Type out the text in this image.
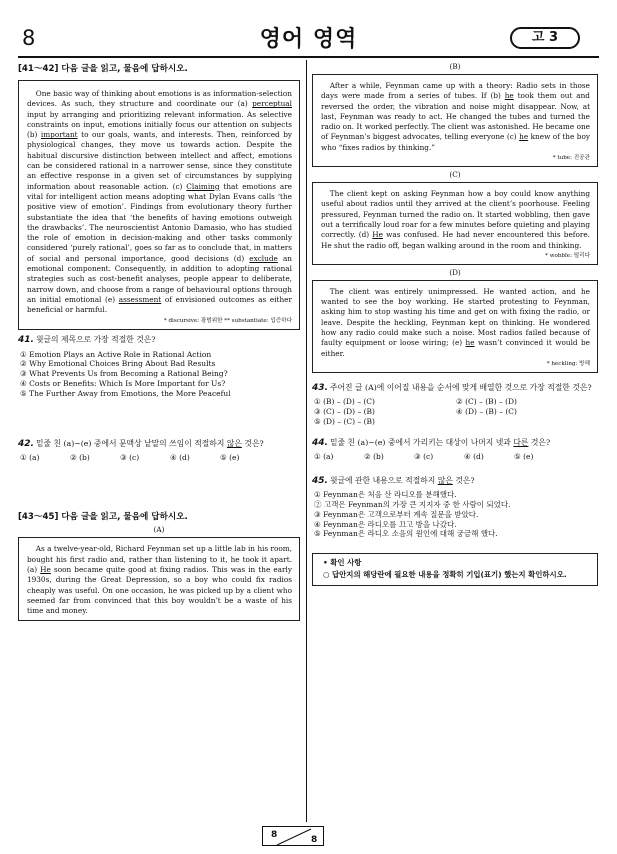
8	영어 영역	고 3
[41～42] 다음 글을 읽고, 물음에 답하시오.

One basic way of thinking about emotions is as information-selection devices. As such, they structure and coordinate our (a) perceptual input by arranging and prioritizing relevant information. As selective constraints on input, emotions initially focus our attention on subjects (b) important to our goals, wants, and interests. Then, reinforced by physiological changes, they move us towards action. Despite the habitual discursive distinction between intellect and affect, emotions can be considered rational in a narrower sense, since they constitute an effective response in a given set of circumstances by supplying information about reasonable action. (c) Claiming that emotions are vital for intelligent action means adopting what Dylan Evans calls ‘the positive view of emotion’. Findings from evolutionary theory further substantiate the idea that ‘the benefits of having emotions outweigh the drawbacks’. The neuroscientist Antonio Damasio, who has studied the role of emotion in decision-making and other tasks commonly considered ‘purely rational’, goes so far as to conclude that, in matters of social and personal importance, good decisions (d) exclude an emotional component. Consequently, in addition to adopting rational strategies such as cost-benefit analyses, people appear to deliberate, narrow down, and choose from a range of behavioural options through an initial emotional (e) assessment of envisioned outcomes as either beneficial or harmful.

* discursive: 광범위한 ** substantiate: 입증하다
41. 윗글의 제목으로 가장 적절한 것은?
① Emotion Plays an Active Role in Rational Action
② Why Emotional Choices Bring About Bad Results
③ What Prevents Us from Becoming a Rational Being?
④ Costs or Benefits: Which Is More Important for Us?
⑤ The Further Away from Emotions, the More Peaceful
42. 밑줄 친 (a)~(e) 중에서 문맥상 낱말의 쓰임이 적절하지 않은 것은?
① (a)	② (b)	③ (c)	④ (d)	⑤ (e)
[43～45] 다음 글을 읽고, 물음에 답하시오.
(A)

As a twelve-year-old, Richard Feynman set up a little lab in his room, bought his first radio and, rather than listening to it, he took it apart. (a) He soon became quite good at fixing radios. This was in the early 1930s, during the Great Depression, so a boy who could fix radios cheaply was useful. On one occasion, he was picked up by a client who seemed far from convinced that this boy wouldn’t be a waste of his time and money.

(B)

After a while, Feynman came up with a theory: Radio sets in those days were made from a series of tubes. If (b) he took them out and reversed the order, the vibration and noise might disappear. Now, at last, Feynman was ready to act. He changed the tubes and turned the radio on. It worked perfectly. The client was astonished. He became one of Feynman’s biggest advocates, telling everyone (c) he knew of the boy who “fixes radios by thinking.”

* tube: 진공관
(C)

The client kept on asking Feynman how a boy could know anything useful about radios until they arrived at the client’s poorhouse. Feeling pressured, Feynman turned the radio on. It started wobbling, then gave out a terrifically loud roar for a few minutes before quieting and playing correctly. (d) He was confused. He had never encountered this before. He shut the radio off, began walking around in the room and thinking.

* wobble: 떨리다
(D)

The client was entirely unimpressed. He wanted action, and he wanted to see the boy working. He started protesting to Feynman, asking him to stop wasting his time and get on with fixing the radio, or leave. Despite the heckling, Feynman kept on thinking. He wondered how any radio could make such a noise. Most radios failed because of faulty equipment or loose wiring; (e) he wasn’t convinced it would be either.

* heckling: 방해
43. 주어진 글 (A)에 이어질 내용을 순서에 맞게 배열한 것으로 가장 적절한 것은?
① (B) – (D) – (C)	② (C) – (B) – (D)
③ (C) – (D) – (B)	④ (D) – (B) – (C)
⑤ (D) – (C) – (B)
44. 밑줄 친 (a)~(e) 중에서 가리키는 대상이 나머지 넷과 다른 것은?
① (a)	② (b)	③ (c)	④ (d)	⑤ (e)
45. 윗글에 관한 내용으로 적절하지 않은 것은?
① Feynman은 처음 산 라디오를 분해했다.
② 고객은 Feynman의 가장 큰 지지자 중 한 사람이 되었다.
③ Feynman은 고객으로부터 계속 질문을 받았다.
④ Feynman은 라디오를 끄고 방을 나갔다.
⑤ Feynman은 라디오 소음의 원인에 대해 궁금해 했다.
• 확인 사항
○ 답안지의 해당란에 필요한 내용을 정확히 기입(표기) 했는지 확인하시오.
8	8
